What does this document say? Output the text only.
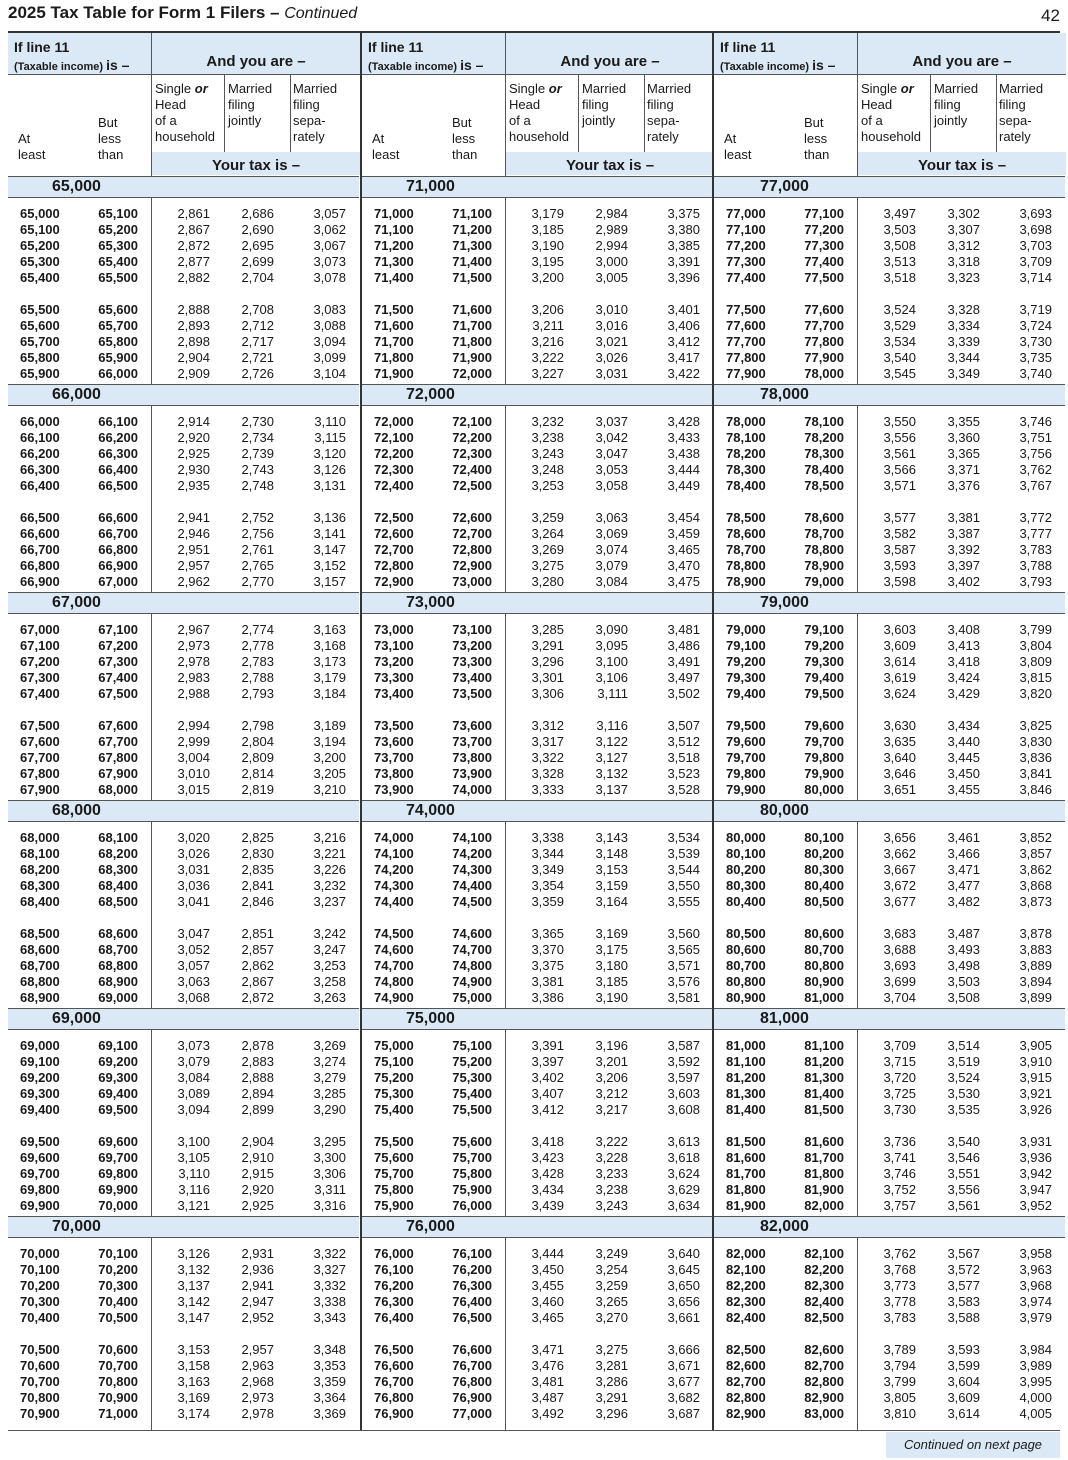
2025 Tax Table for Form 1 Filers – Continued	42
If line 11
(Taxable income) is –
At
least
But
less
than
And you are –
Single or
Head
of a
household
Married
filing
jointly
Married
filing
sepa-
rately
Your tax is –
65,000
65,000	65,100	2,861 2,686	3,057
65,100	65,200	2,867 2,690	3,062
65,200	65,300	2,872 2,695	3,067
65,300	65,400	2,877 2,699	3,073
65,400	65,500	2,882 2,704	3,078
65,500	65,600	2,888 2,708	3,083
65,600	65,700	2,893 2,712	3,088
65,700	65,800	2,898 2,717	3,094
65,800	65,900	2,904 2,721	3,099
65,900	66,000	2,909 2,726	3,104
66,000
66,000	66,100	2,914 2,730	3,110
66,100	66,200	2,920 2,734	3,115
66,200	66,300	2,925 2,739	3,120
66,300	66,400	2,930 2,743	3,126
66,400	66,500	2,935 2,748	3,131
66,500	66,600	2,941 2,752	3,136
66,600	66,700	2,946 2,756	3,141
66,700	66,800	2,951 2,761	3,147
66,800	66,900	2,957 2,765	3,152
66,900	67,000	2,962 2,770	3,157
67,000
67,000	67,100	2,967 2,774	3,163
67,100	67,200	2,973 2,778	3,168
67,200	67,300	2,978 2,783	3,173
67,300	67,400	2,983 2,788	3,179
67,400	67,500	2,988 2,793	3,184
67,500	67,600	2,994 2,798	3,189
67,600	67,700	2,999 2,804	3,194
67,700	67,800	3,004 2,809	3,200
67,800	67,900	3,010 2,814	3,205
67,900	68,000	3,015 2,819	3,210
68,000
68,000	68,100	3,020 2,825	3,216
68,100	68,200	3,026 2,830	3,221
68,200	68,300	3,031 2,835	3,226
68,300	68,400	3,036 2,841	3,232
68,400	68,500	3,041 2,846	3,237
68,500	68,600	3,047 2,851	3,242
68,600	68,700	3,052 2,857	3,247
68,700	68,800	3,057 2,862	3,253
68,800	68,900	3,063 2,867	3,258
68,900	69,000	3,068 2,872	3,263
69,000
69,000	69,100	3,073 2,878	3,269
69,100	69,200	3,079 2,883	3,274
69,200	69,300	3,084 2,888	3,279
69,300	69,400	3,089 2,894	3,285
69,400	69,500	3,094 2,899	3,290
69,500	69,600	3,100 2,904	3,295
69,600	69,700	3,105 2,910	3,300
69,700	69,800	3,110 2,915	3,306
69,800	69,900	3,116 2,920	3,311
69,900	70,000	3,121 2,925	3,316
70,000
70,000	70,100	3,126 2,931	3,322
70,100	70,200	3,132 2,936	3,327
70,200	70,300	3,137 2,941	3,332
70,300	70,400	3,142 2,947	3,338
70,400	70,500	3,147 2,952	3,343
70,500	70,600	3,153 2,957	3,348
70,600	70,700	3,158 2,963	3,353
70,700	70,800	3,163 2,968	3,359
70,800	70,900	3,169 2,973	3,364
70,900	71,000	3,174 2,978	3,369
If line 11
(Taxable income) is –
At
least
But
less
than
And you are –
Single or
Head
of a
household
Married
filing
jointly
Married
filing
sepa-
rately
Your tax is –
71,000
71,000	71,100	3,179 2,984	3,375
71,100	71,200	3,185 2,989	3,380
71,200	71,300	3,190 2,994	3,385
71,300	71,400	3,195 3,000	3,391
71,400	71,500	3,200 3,005	3,396
71,500	71,600	3,206 3,010	3,401
71,600	71,700	3,211 3,016	3,406
71,700	71,800	3,216 3,021	3,412
71,800	71,900	3,222 3,026	3,417
71,900	72,000	3,227 3,031	3,422
72,000
72,000	72,100	3,232 3,037	3,428
72,100	72,200	3,238 3,042	3,433
72,200	72,300	3,243 3,047	3,438
72,300	72,400	3,248 3,053	3,444
72,400	72,500	3,253 3,058	3,449
72,500	72,600	3,259 3,063	3,454
72,600	72,700	3,264 3,069	3,459
72,700	72,800	3,269 3,074	3,465
72,800	72,900	3,275 3,079	3,470
72,900	73,000	3,280 3,084	3,475
73,000
73,000	73,100	3,285 3,090	3,481
73,100	73,200	3,291 3,095	3,486
73,200	73,300	3,296 3,100	3,491
73,300	73,400	3,301 3,106	3,497
73,400	73,500	3,306	3,111	3,502
73,500	73,600	3,312 3,116	3,507
73,600	73,700	3,317 3,122	3,512
73,700	73,800	3,322 3,127	3,518
73,800	73,900	3,328 3,132	3,523
73,900	74,000	3,333 3,137	3,528
74,000
74,000	74,100	3,338 3,143	3,534
74,100	74,200	3,344 3,148	3,539
74,200	74,300	3,349 3,153	3,544
74,300	74,400	3,354 3,159	3,550
74,400	74,500	3,359 3,164	3,555
74,500	74,600	3,365 3,169	3,560
74,600	74,700	3,370 3,175	3,565
74,700	74,800	3,375 3,180	3,571
74,800	74,900	3,381 3,185	3,576
74,900	75,000	3,386 3,190	3,581
75,000
75,000	75,100	3,391 3,196	3,587
75,100	75,200	3,397 3,201	3,592
75,200	75,300	3,402 3,206	3,597
75,300	75,400	3,407 3,212	3,603
75,400	75,500	3,412 3,217	3,608
75,500	75,600	3,418 3,222	3,613
75,600	75,700	3,423 3,228	3,618
75,700	75,800	3,428 3,233	3,624
75,800	75,900	3,434 3,238	3,629
75,900	76,000	3,439 3,243	3,634
76,000
76,000	76,100	3,444 3,249	3,640
76,100	76,200	3,450 3,254	3,645
76,200	76,300	3,455 3,259	3,650
76,300	76,400	3,460 3,265	3,656
76,400	76,500	3,465 3,270	3,661
76,500	76,600	3,471 3,275	3,666
76,600	76,700	3,476 3,281	3,671
76,700	76,800	3,481 3,286	3,677
76,800	76,900	3,487 3,291	3,682
76,900	77,000	3,492 3,296	3,687
If line 11
(Taxable income) is –
At
least
But
less
than
And you are –
Single or
Head
of a
household
Married
filing
jointly
Married
filing
sepa-
rately
Your tax is –
77,000
77,000	77,100	3,497 3,302	3,693
77,100	77,200	3,503 3,307	3,698
77,200	77,300	3,508 3,312	3,703
77,300	77,400	3,513 3,318	3,709
77,400	77,500	3,518 3,323	3,714
77,500	77,600	3,524 3,328	3,719
77,600	77,700	3,529 3,334	3,724
77,700	77,800	3,534 3,339	3,730
77,800	77,900	3,540 3,344	3,735
77,900	78,000	3,545 3,349	3,740
78,000
78,000	78,100	3,550 3,355	3,746
78,100	78,200	3,556 3,360	3,751
78,200	78,300	3,561 3,365	3,756
78,300	78,400	3,566 3,371	3,762
78,400	78,500	3,571 3,376	3,767
78,500	78,600	3,577 3,381	3,772
78,600	78,700	3,582 3,387	3,777
78,700	78,800	3,587 3,392	3,783
78,800	78,900	3,593 3,397	3,788
78,900	79,000	3,598 3,402	3,793
79,000
79,000	79,100	3,603 3,408	3,799
79,100	79,200	3,609 3,413	3,804
79,200	79,300	3,614 3,418	3,809
79,300	79,400	3,619 3,424	3,815
79,400	79,500	3,624 3,429	3,820
79,500	79,600	3,630 3,434	3,825
79,600	79,700	3,635 3,440	3,830
79,700	79,800	3,640 3,445	3,836
79,800	79,900	3,646 3,450	3,841
79,900	80,000	3,651 3,455	3,846
80,000
80,000	80,100	3,656 3,461	3,852
80,100	80,200	3,662 3,466	3,857
80,200	80,300	3,667 3,471	3,862
80,300	80,400	3,672 3,477	3,868
80,400	80,500	3,677 3,482	3,873
80,500	80,600	3,683 3,487	3,878
80,600	80,700	3,688 3,493	3,883
80,700	80,800	3,693 3,498	3,889
80,800	80,900	3,699 3,503	3,894
80,900	81,000	3,704 3,508	3,899
81,000
81,000	81,100	3,709 3,514	3,905
81,100	81,200	3,715 3,519	3,910
81,200	81,300	3,720 3,524	3,915
81,300	81,400	3,725 3,530	3,921
81,400	81,500	3,730 3,535	3,926
81,500	81,600	3,736 3,540	3,931
81,600	81,700	3,741 3,546	3,936
81,700	81,800	3,746 3,551	3,942
81,800	81,900	3,752 3,556	3,947
81,900	82,000	3,757 3,561	3,952
82,000
82,000	82,100	3,762 3,567	3,958
82,100	82,200	3,768 3,572	3,963
82,200	82,300	3,773 3,577	3,968
82,300	82,400	3,778 3,583	3,974
82,400	82,500	3,783 3,588	3,979
82,500	82,600	3,789 3,593	3,984
82,600	82,700	3,794 3,599	3,989
82,700	82,800	3,799 3,604	3,995
82,800	82,900	3,805 3,609	4,000
82,900	83,000	3,810 3,614	4,005
Continued on next page
